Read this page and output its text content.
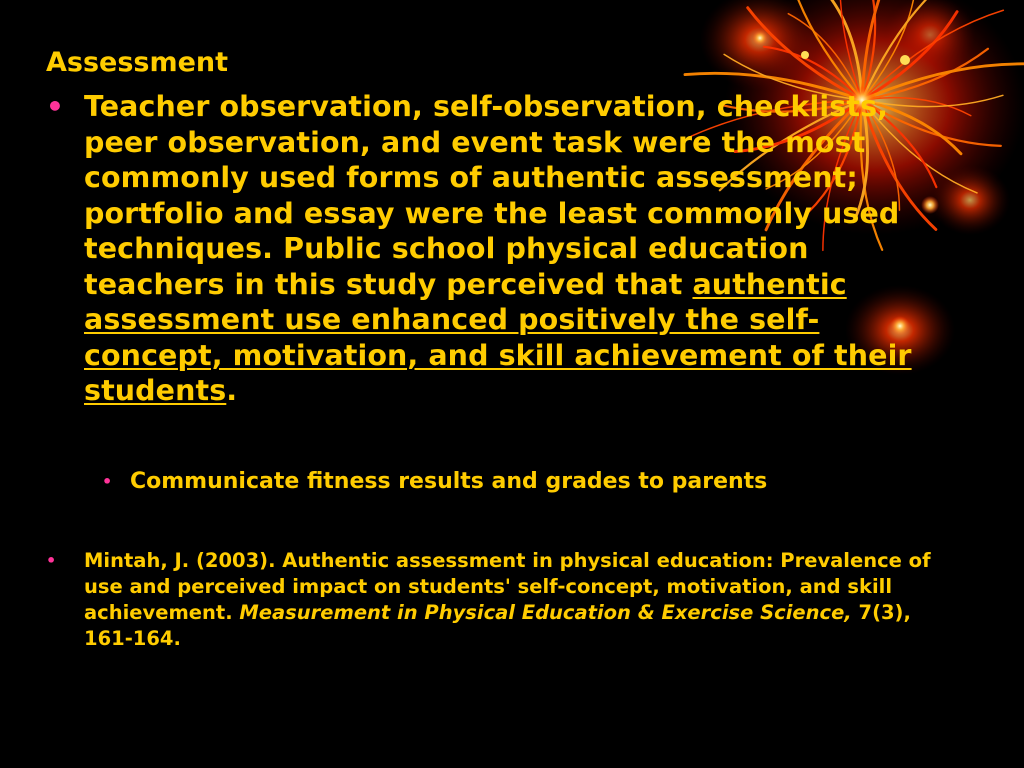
Assessment
• Teacher observation, self-observation, checklists, peer observation, and event task were the most commonly used forms of authentic assessment; portfolio and essay were the least commonly used techniques. Public school physical education teachers in this study perceived that authentic assessment use enhanced positively the self-concept, motivation, and skill achievement of their students.
• Communicate fitness results and grades to parents
• Mintah, J. (2003). Authentic assessment in physical education: Prevalence of use and perceived impact on students' self-concept, motivation, and skill achievement. Measurement in Physical Education & Exercise Science, 7(3), 161-164.
